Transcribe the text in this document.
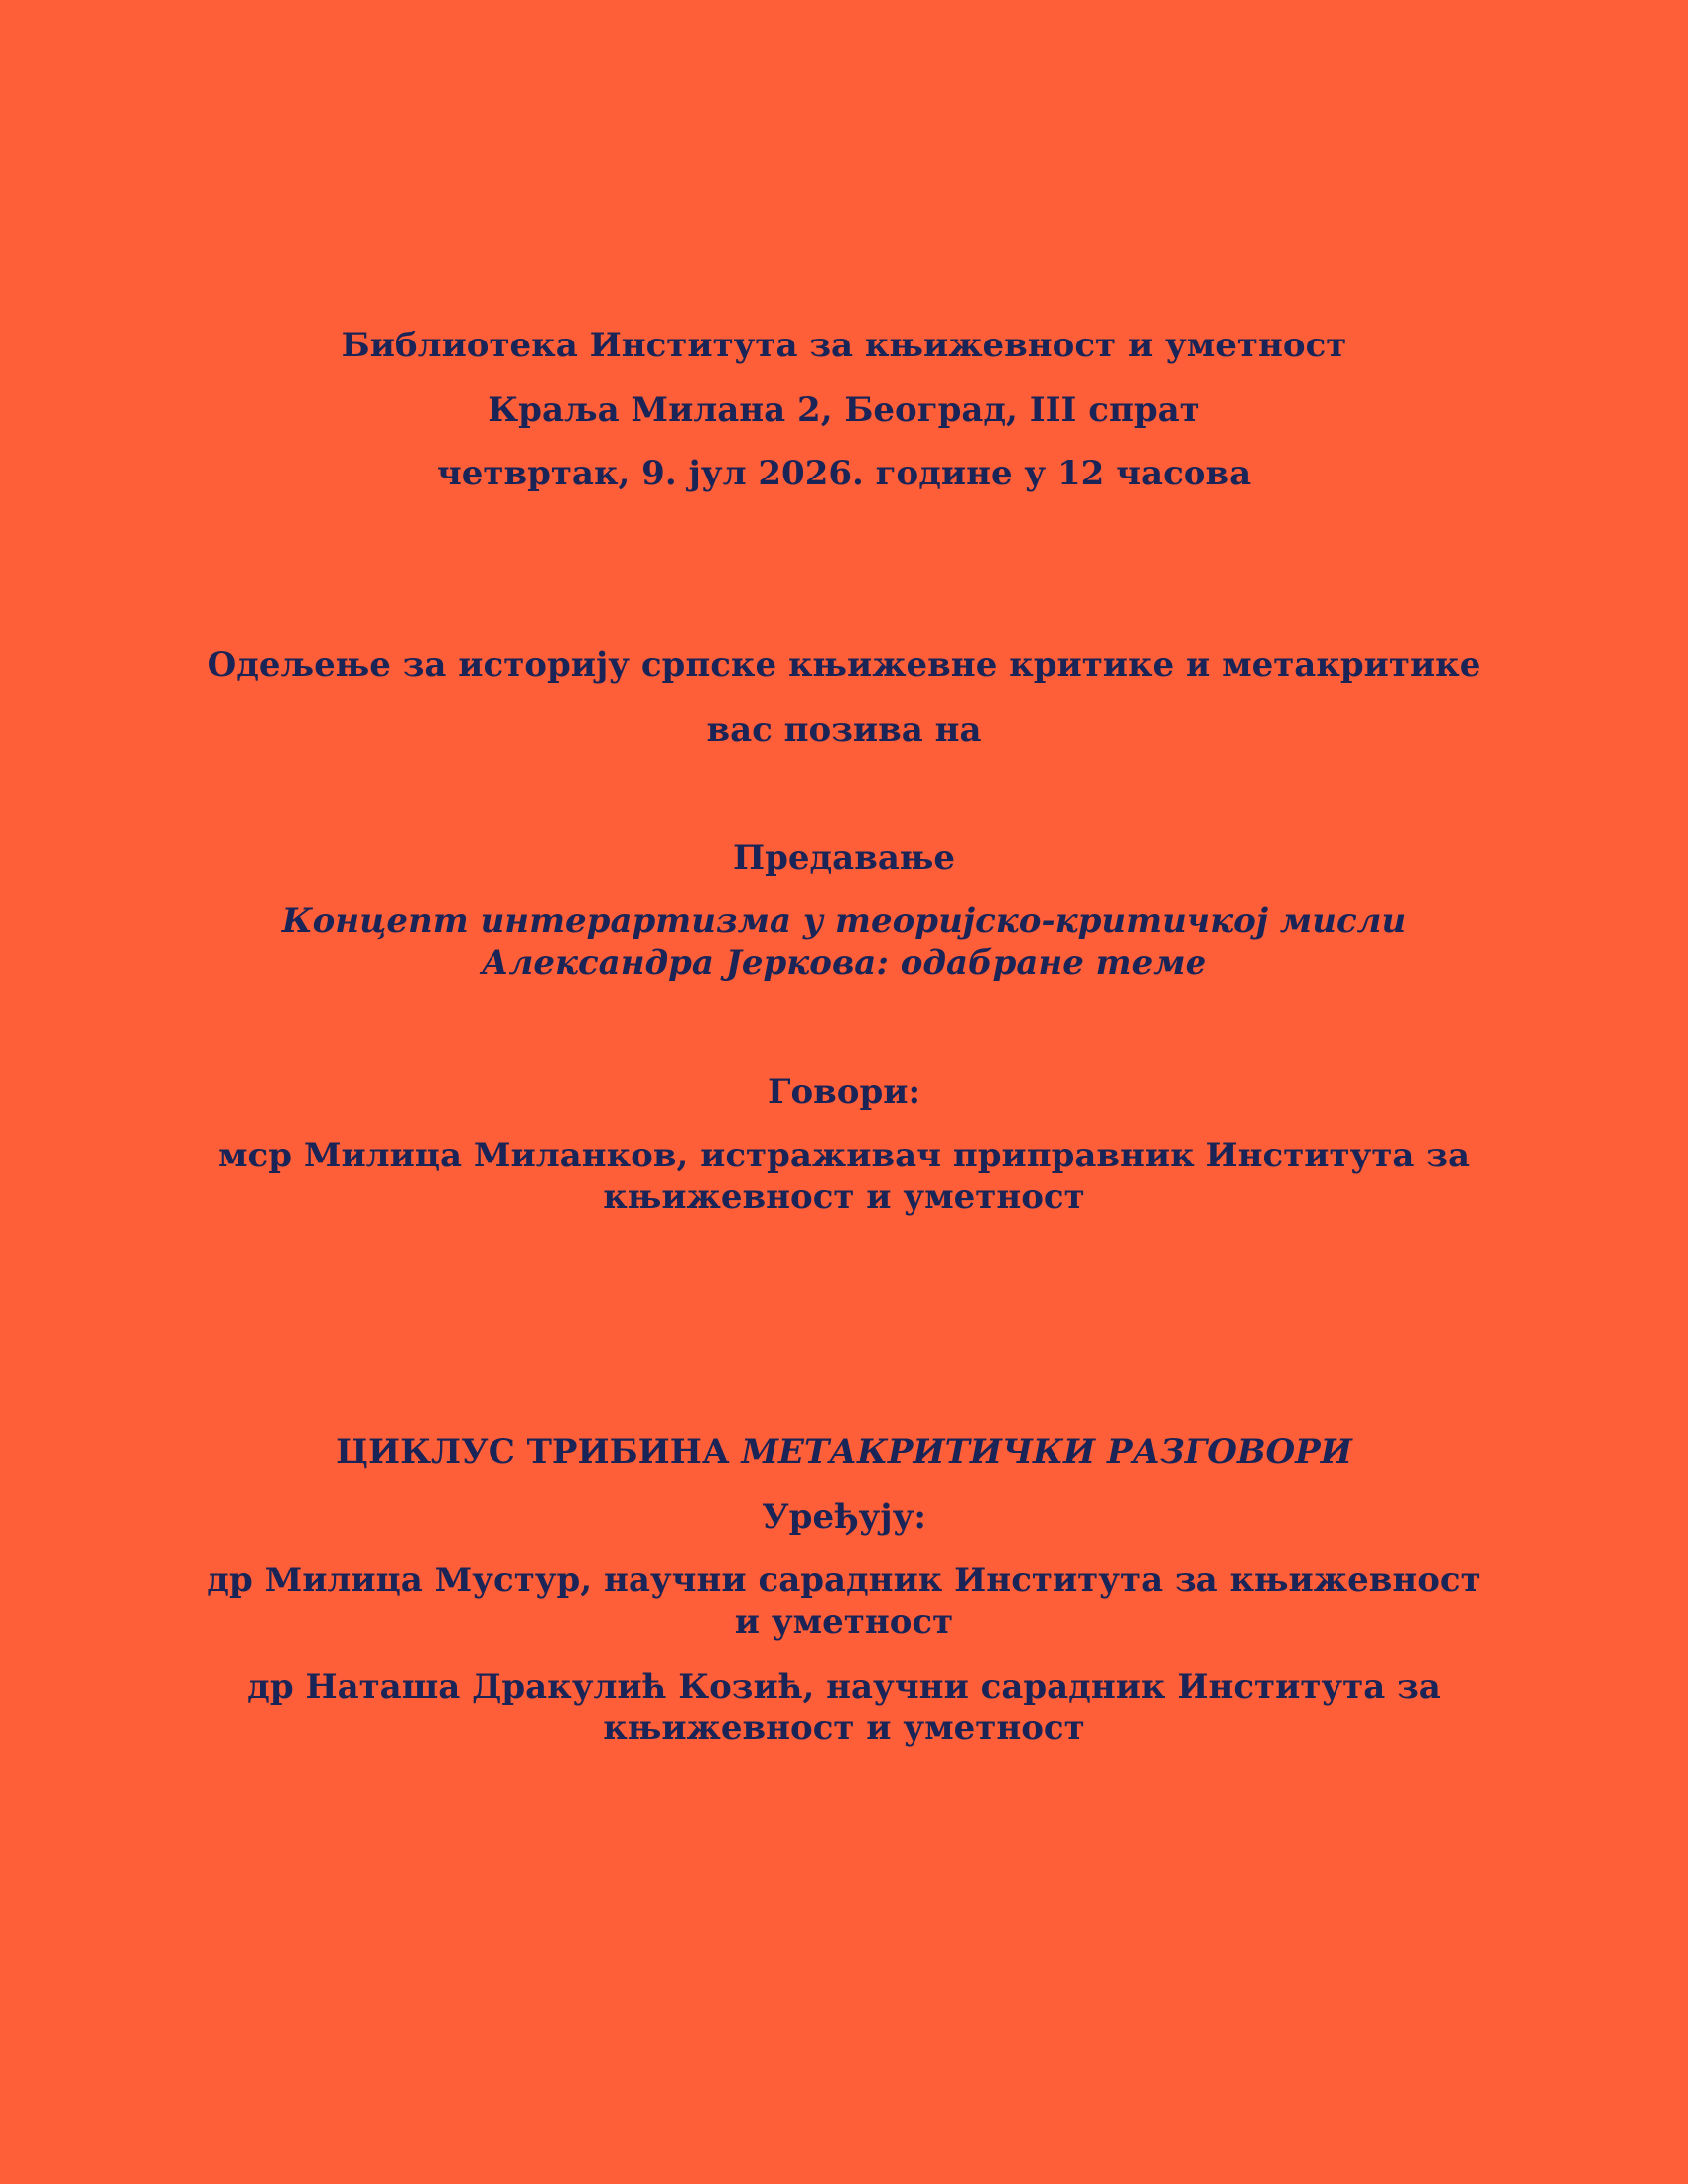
Библиотека Института за књижевност и уметност

Краља Милана 2, Београд, III спрат

четвртак, 9. јул 2026. године у 12 часова

Одељење за историју српске књижевне критике и метакритике

вас позива на

Предавање

Концепт интерартизма у теоријско-критичкој мисли Александра Јеркова: одабране теме

Говори:

мср Милица Миланков, истраживач приправник Института за књижевност и уметност

ЦИКЛУС ТРИБИНА МЕТАКРИТИЧКИ РАЗГОВОРИ

Уређују:

др Милица Мустур, научни сарадник Института за књижевност и уметност

др Наташа Дракулић Козић, научни сарадник Института за књижевност и уметност
